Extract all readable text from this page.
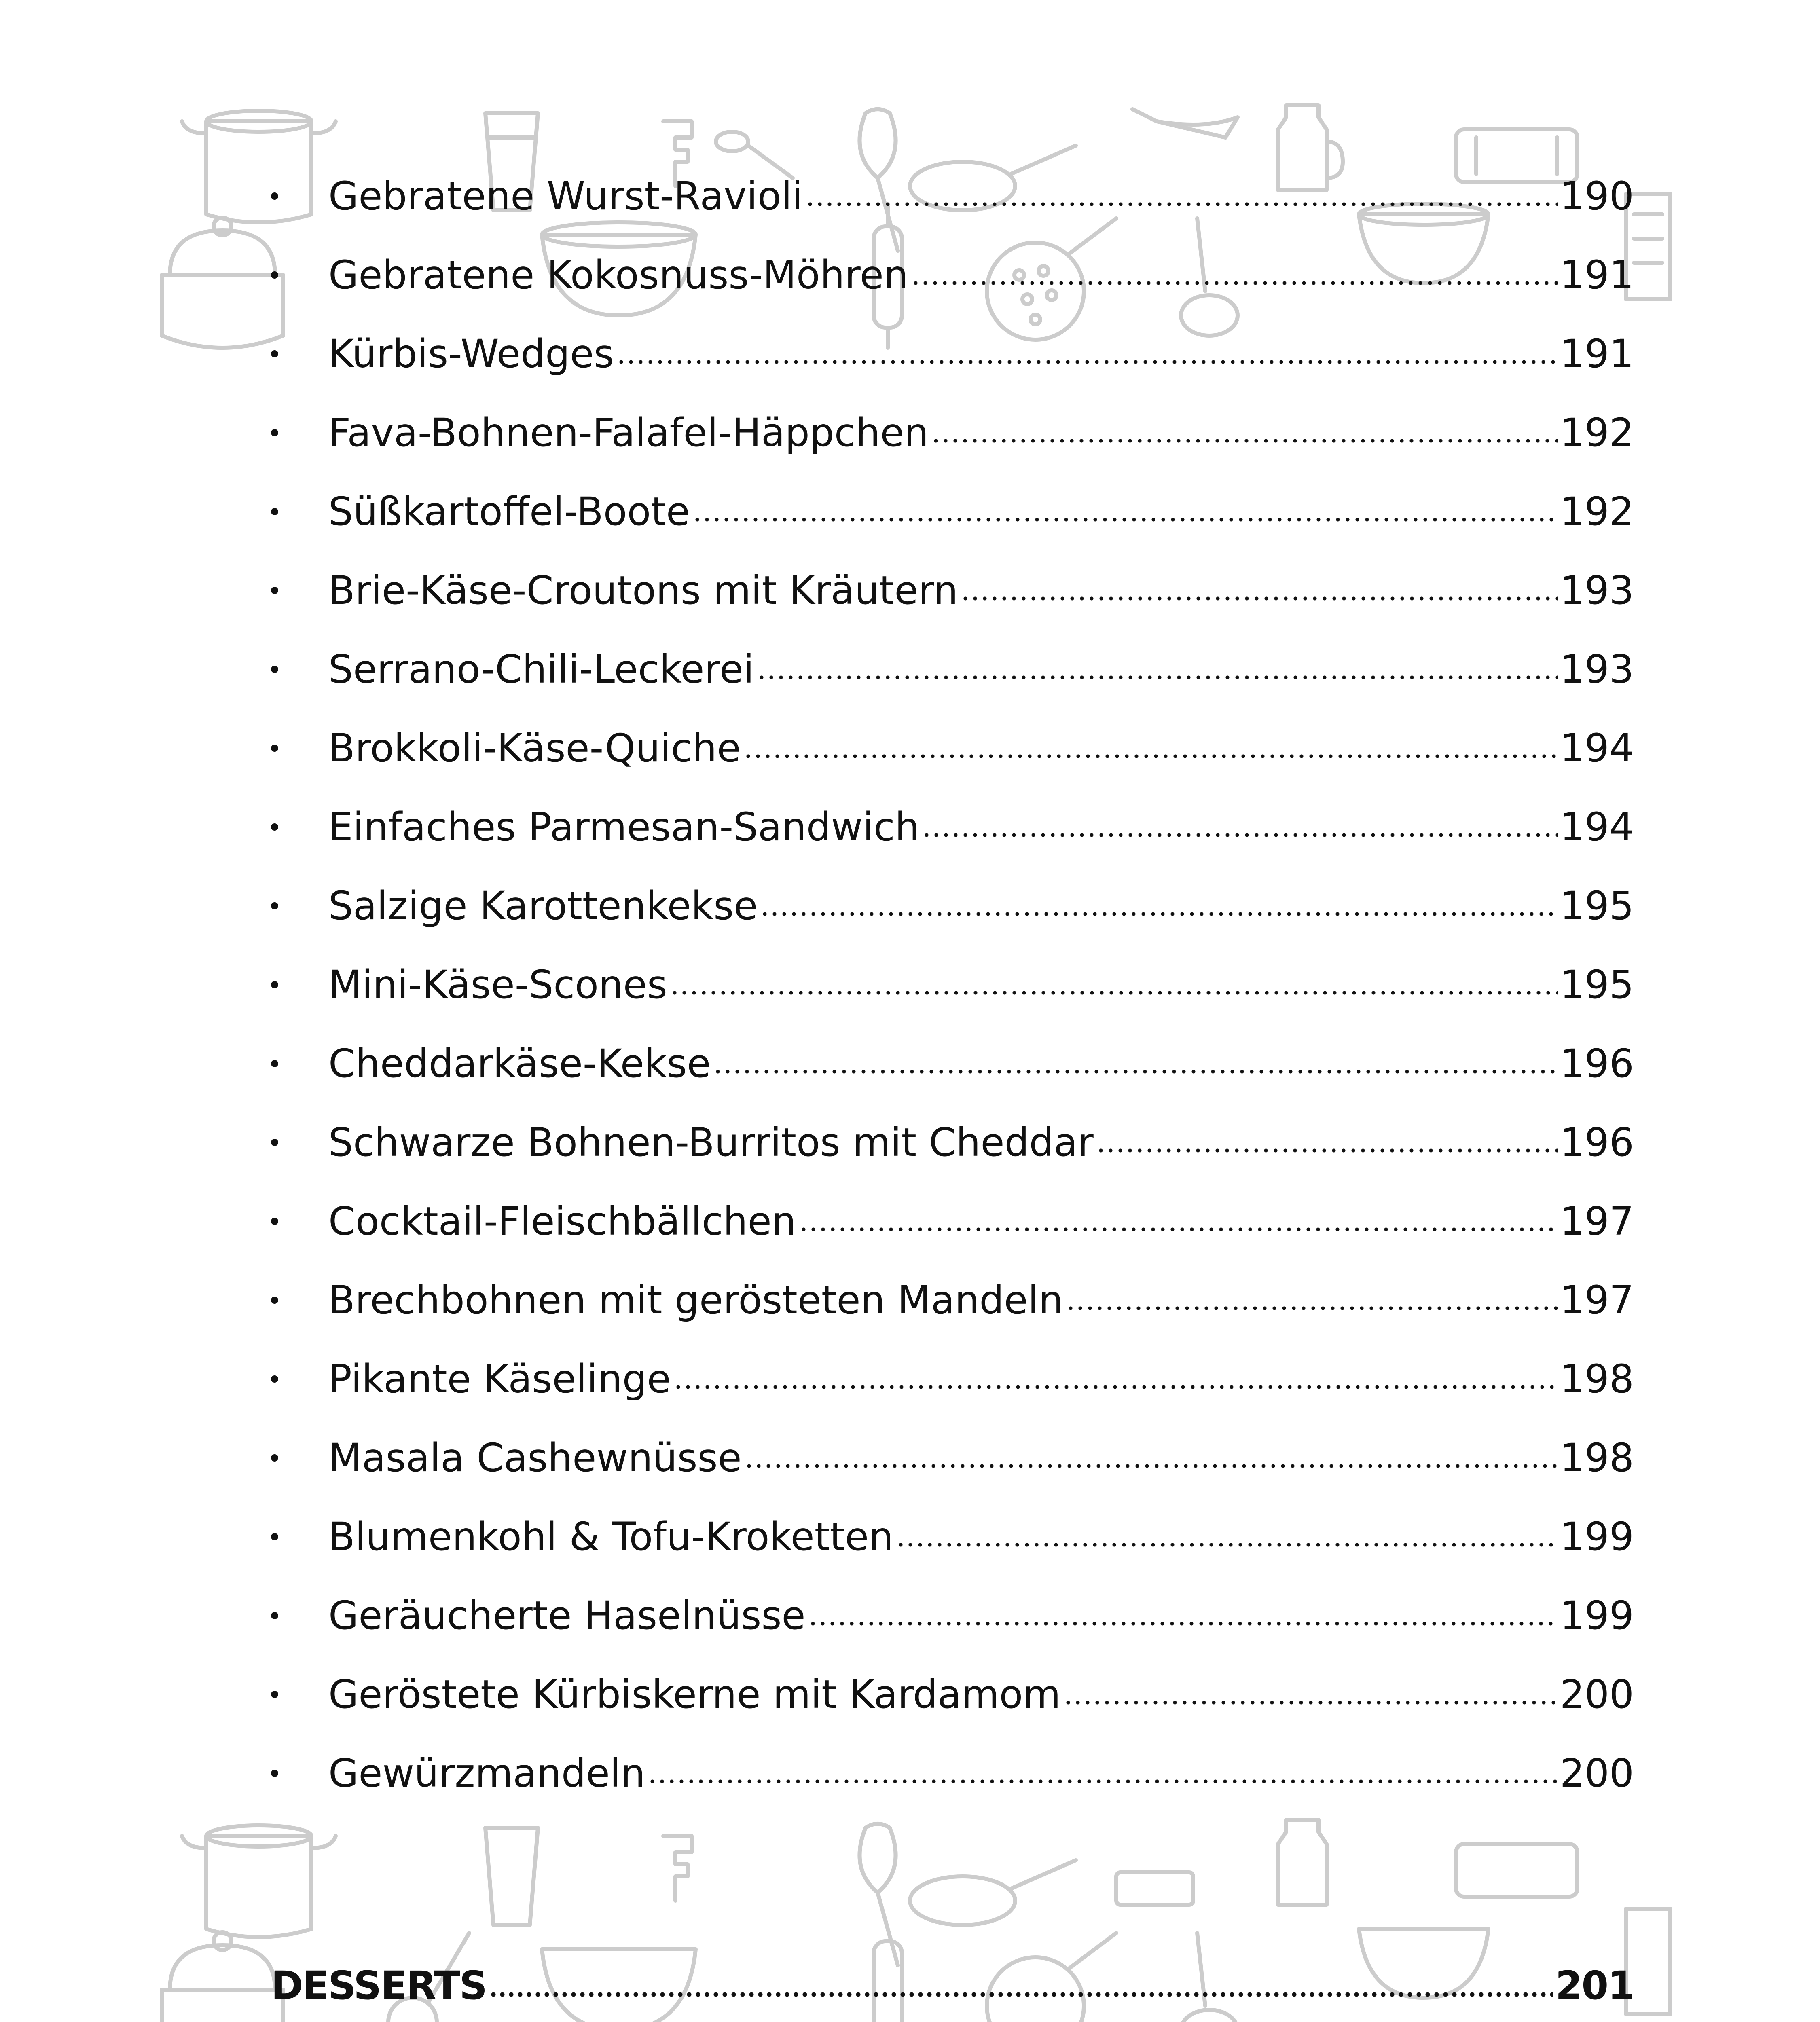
Gebratene Wurst-Ravioli	190
Gebratene Kokosnuss-Möhren	191
Kürbis-Wedges	191
Fava-Bohnen-Falafel-Häppchen	192
Süßkartoffel-Boote	192
Brie-Käse-Croutons mit Kräutern	193
Serrano-Chili-Leckerei	193
Brokkoli-Käse-Quiche	194
Einfaches Parmesan-Sandwich	194
Salzige Karottenkekse	195
Mini-Käse-Scones	195
Cheddarkäse-Kekse	196
Schwarze Bohnen-Burritos mit Cheddar	196
Cocktail-Fleischbällchen	197
Brechbohnen mit gerösteten Mandeln	197
Pikante Käselinge	198
Masala Cashewnüsse	198
Blumenkohl & Tofu-Kroketten	199
Geräucherte Haselnüsse	199
Geröstete Kürbiskerne mit Kardamom	200
Gewürzmandeln	200
DESSERTS	201
